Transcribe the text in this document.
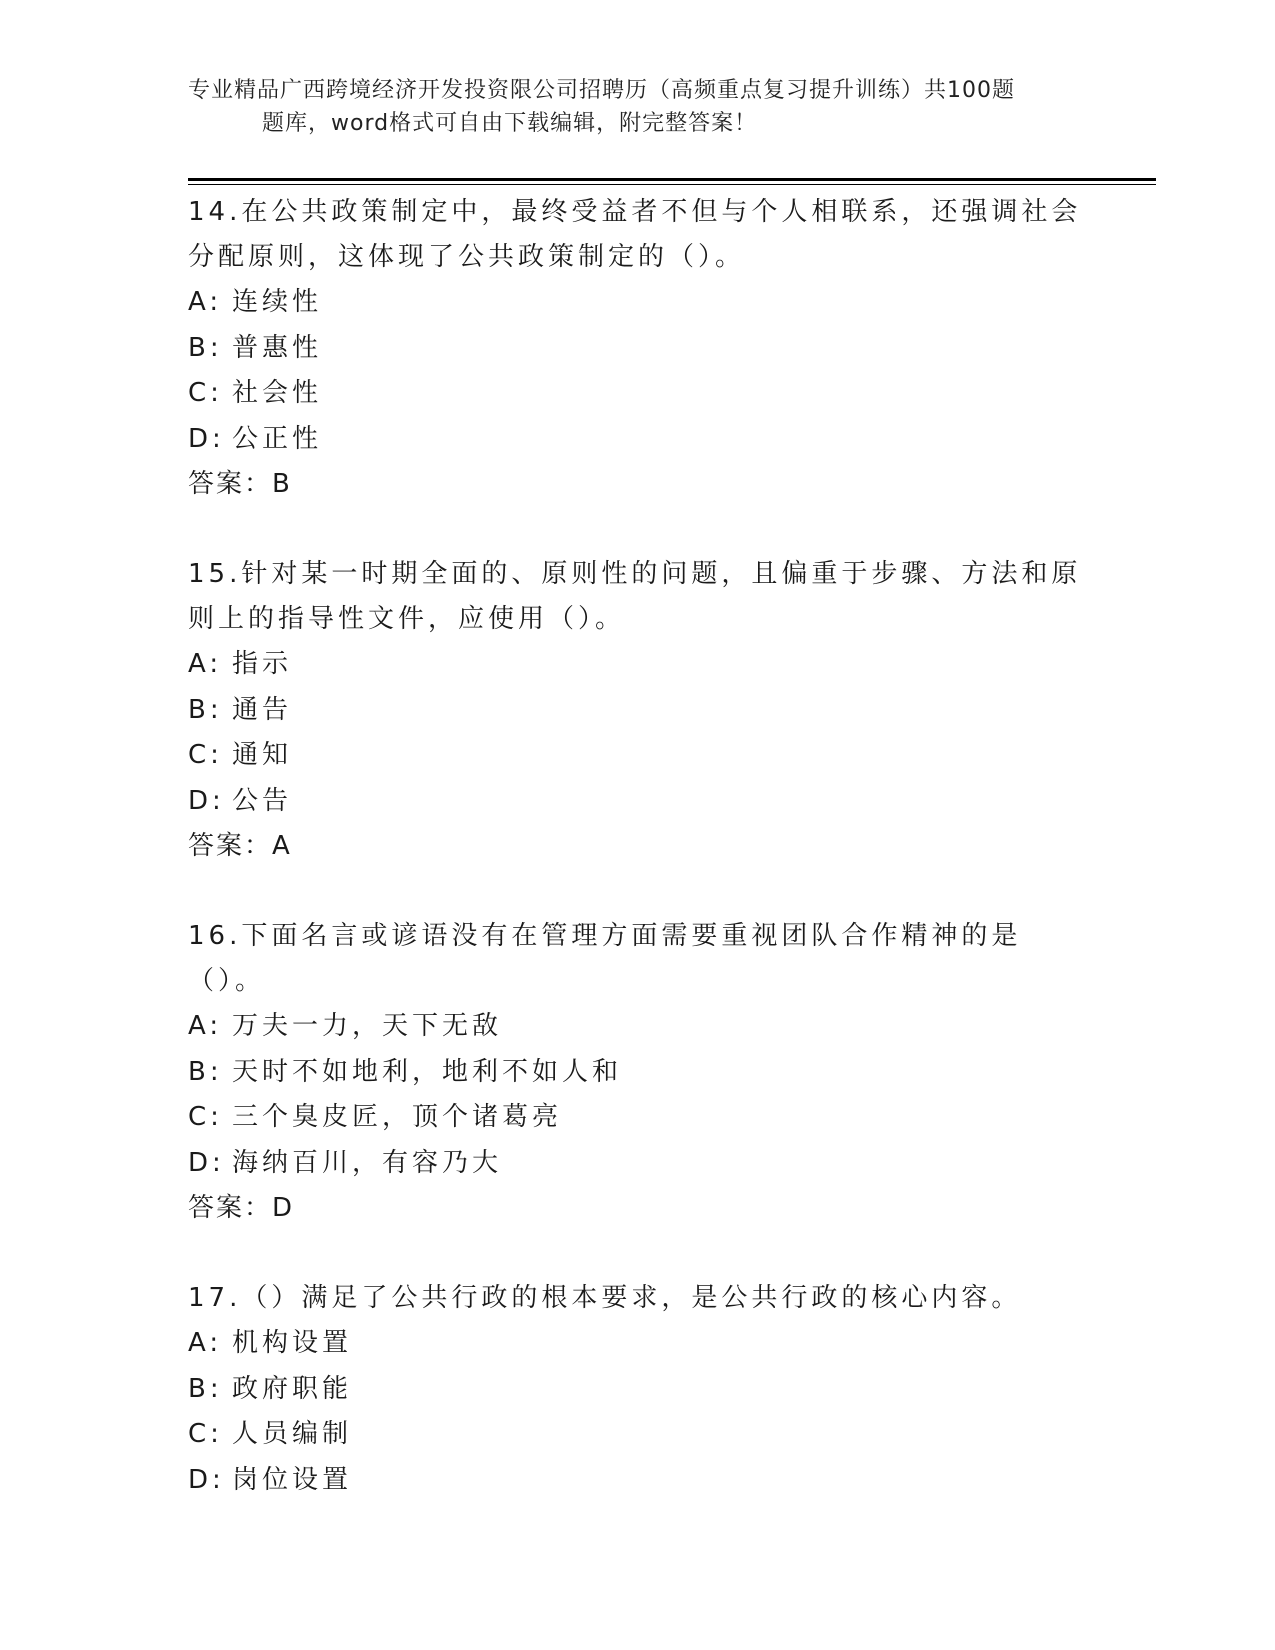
专业精品广西跨境经济开发投资限公司招聘历（高频重点复习提升训练）共100题
题库，word格式可自由下载编辑，附完整答案！

14.在公共政策制定中，最终受益者不但与个人相联系，还强调社会分配原则，这体现了公共政策制定的（）。

A: 连续性

B: 普惠性

C: 社会性

D: 公正性

答案：B

15.针对某一时期全面的、原则性的问题，且偏重于步骤、方法和原则上的指导性文件，应使用（）。

A: 指示

B: 通告

C: 通知

D: 公告

答案：A

16.下面名言或谚语没有在管理方面需要重视团队合作精神的是（）。

A: 万夫一力，天下无敌

B: 天时不如地利，地利不如人和

C: 三个臭皮匠，顶个诸葛亮

D: 海纳百川，有容乃大

答案：D

17.（）满足了公共行政的根本要求，是公共行政的核心内容。

A: 机构设置

B: 政府职能

C: 人员编制

D: 岗位设置
